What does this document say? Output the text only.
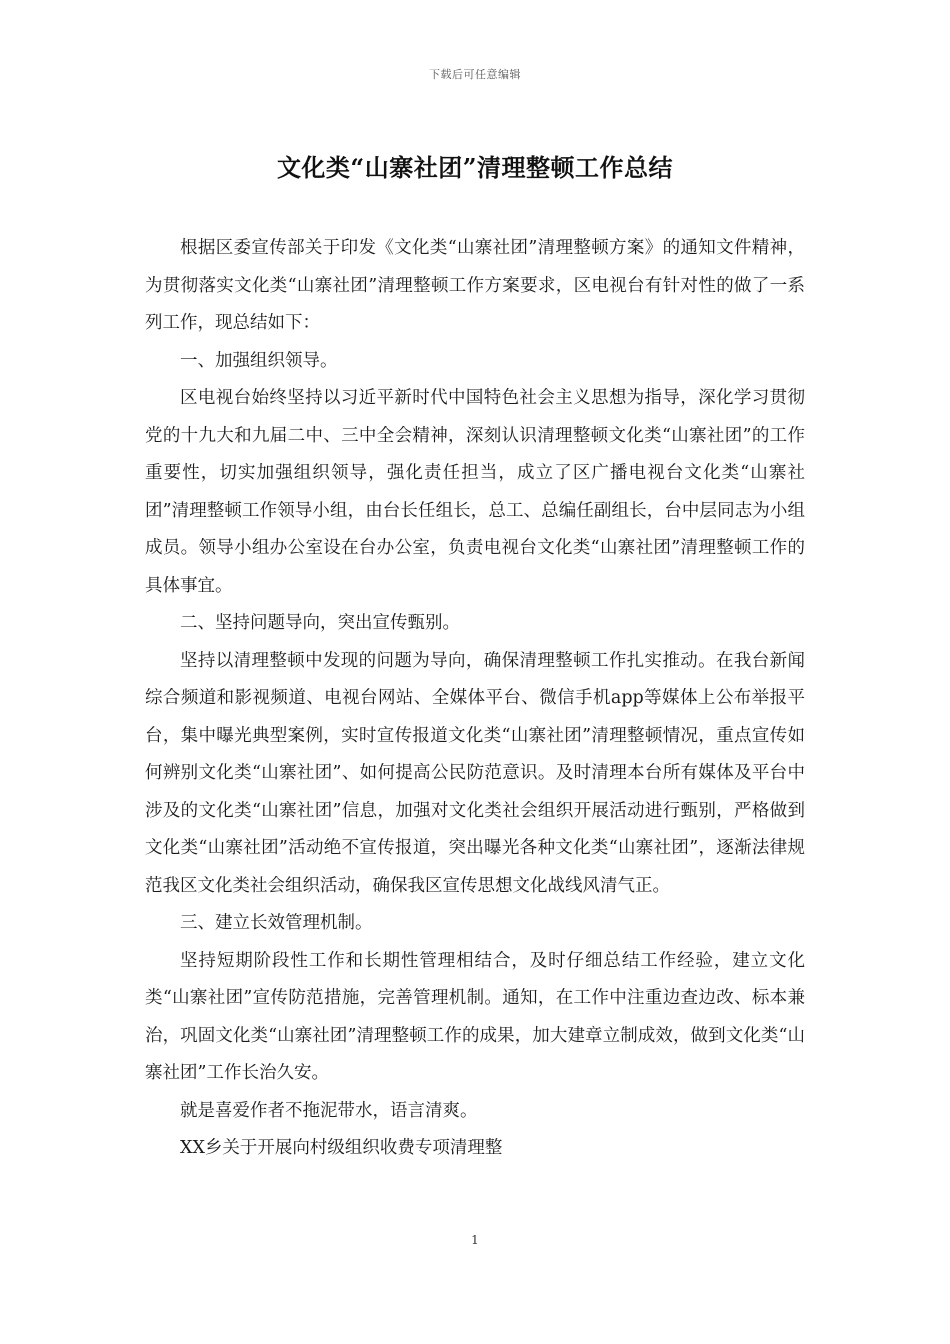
下载后可任意编辑
文化类“山寨社团”清理整顿工作总结

根据区委宣传部关于印发《文化类“山寨社团”清理整顿方案》的通知文件精神，为贯彻落实文化类“山寨社团”清理整顿工作方案要求，区电视台有针对性的做了一系列工作，现总结如下：

一、加强组织领导。

区电视台始终坚持以习近平新时代中国特色社会主义思想为指导，深化学习贯彻党的十九大和九届二中、三中全会精神，深刻认识清理整顿文化类“山寨社团”的工作重要性，切实加强组织领导，强化责任担当，成立了区广播电视台文化类“山寨社团”清理整顿工作领导小组，由台长任组长，总工、总编任副组长，台中层同志为小组成员。领导小组办公室设在台办公室，负责电视台文化类“山寨社团”清理整顿工作的具体事宜。

二、坚持问题导向，突出宣传甄别。

坚持以清理整顿中发现的问题为导向，确保清理整顿工作扎实推动。在我台新闻综合频道和影视频道、电视台网站、全媒体平台、微信手机app等媒体上公布举报平台，集中曝光典型案例，实时宣传报道文化类“山寨社团”清理整顿情况，重点宣传如何辨别文化类“山寨社团”、如何提高公民防范意识。及时清理本台所有媒体及平台中涉及的文化类“山寨社团”信息，加强对文化类社会组织开展活动进行甄别，严格做到文化类“山寨社团”活动绝不宣传报道，突出曝光各种文化类“山寨社团”，逐渐法律规范我区文化类社会组织活动，确保我区宣传思想文化战线风清气正。

三、建立长效管理机制。

坚持短期阶段性工作和长期性管理相结合，及时仔细总结工作经验，建立文化类“山寨社团”宣传防范措施，完善管理机制。通知，在工作中注重边查边改、标本兼治，巩固文化类“山寨社团”清理整顿工作的成果，加大建章立制成效，做到文化类“山寨社团”工作长治久安。

就是喜爱作者不拖泥带水，语言清爽。

XX乡关于开展向村级组织收费专项清理整

1
